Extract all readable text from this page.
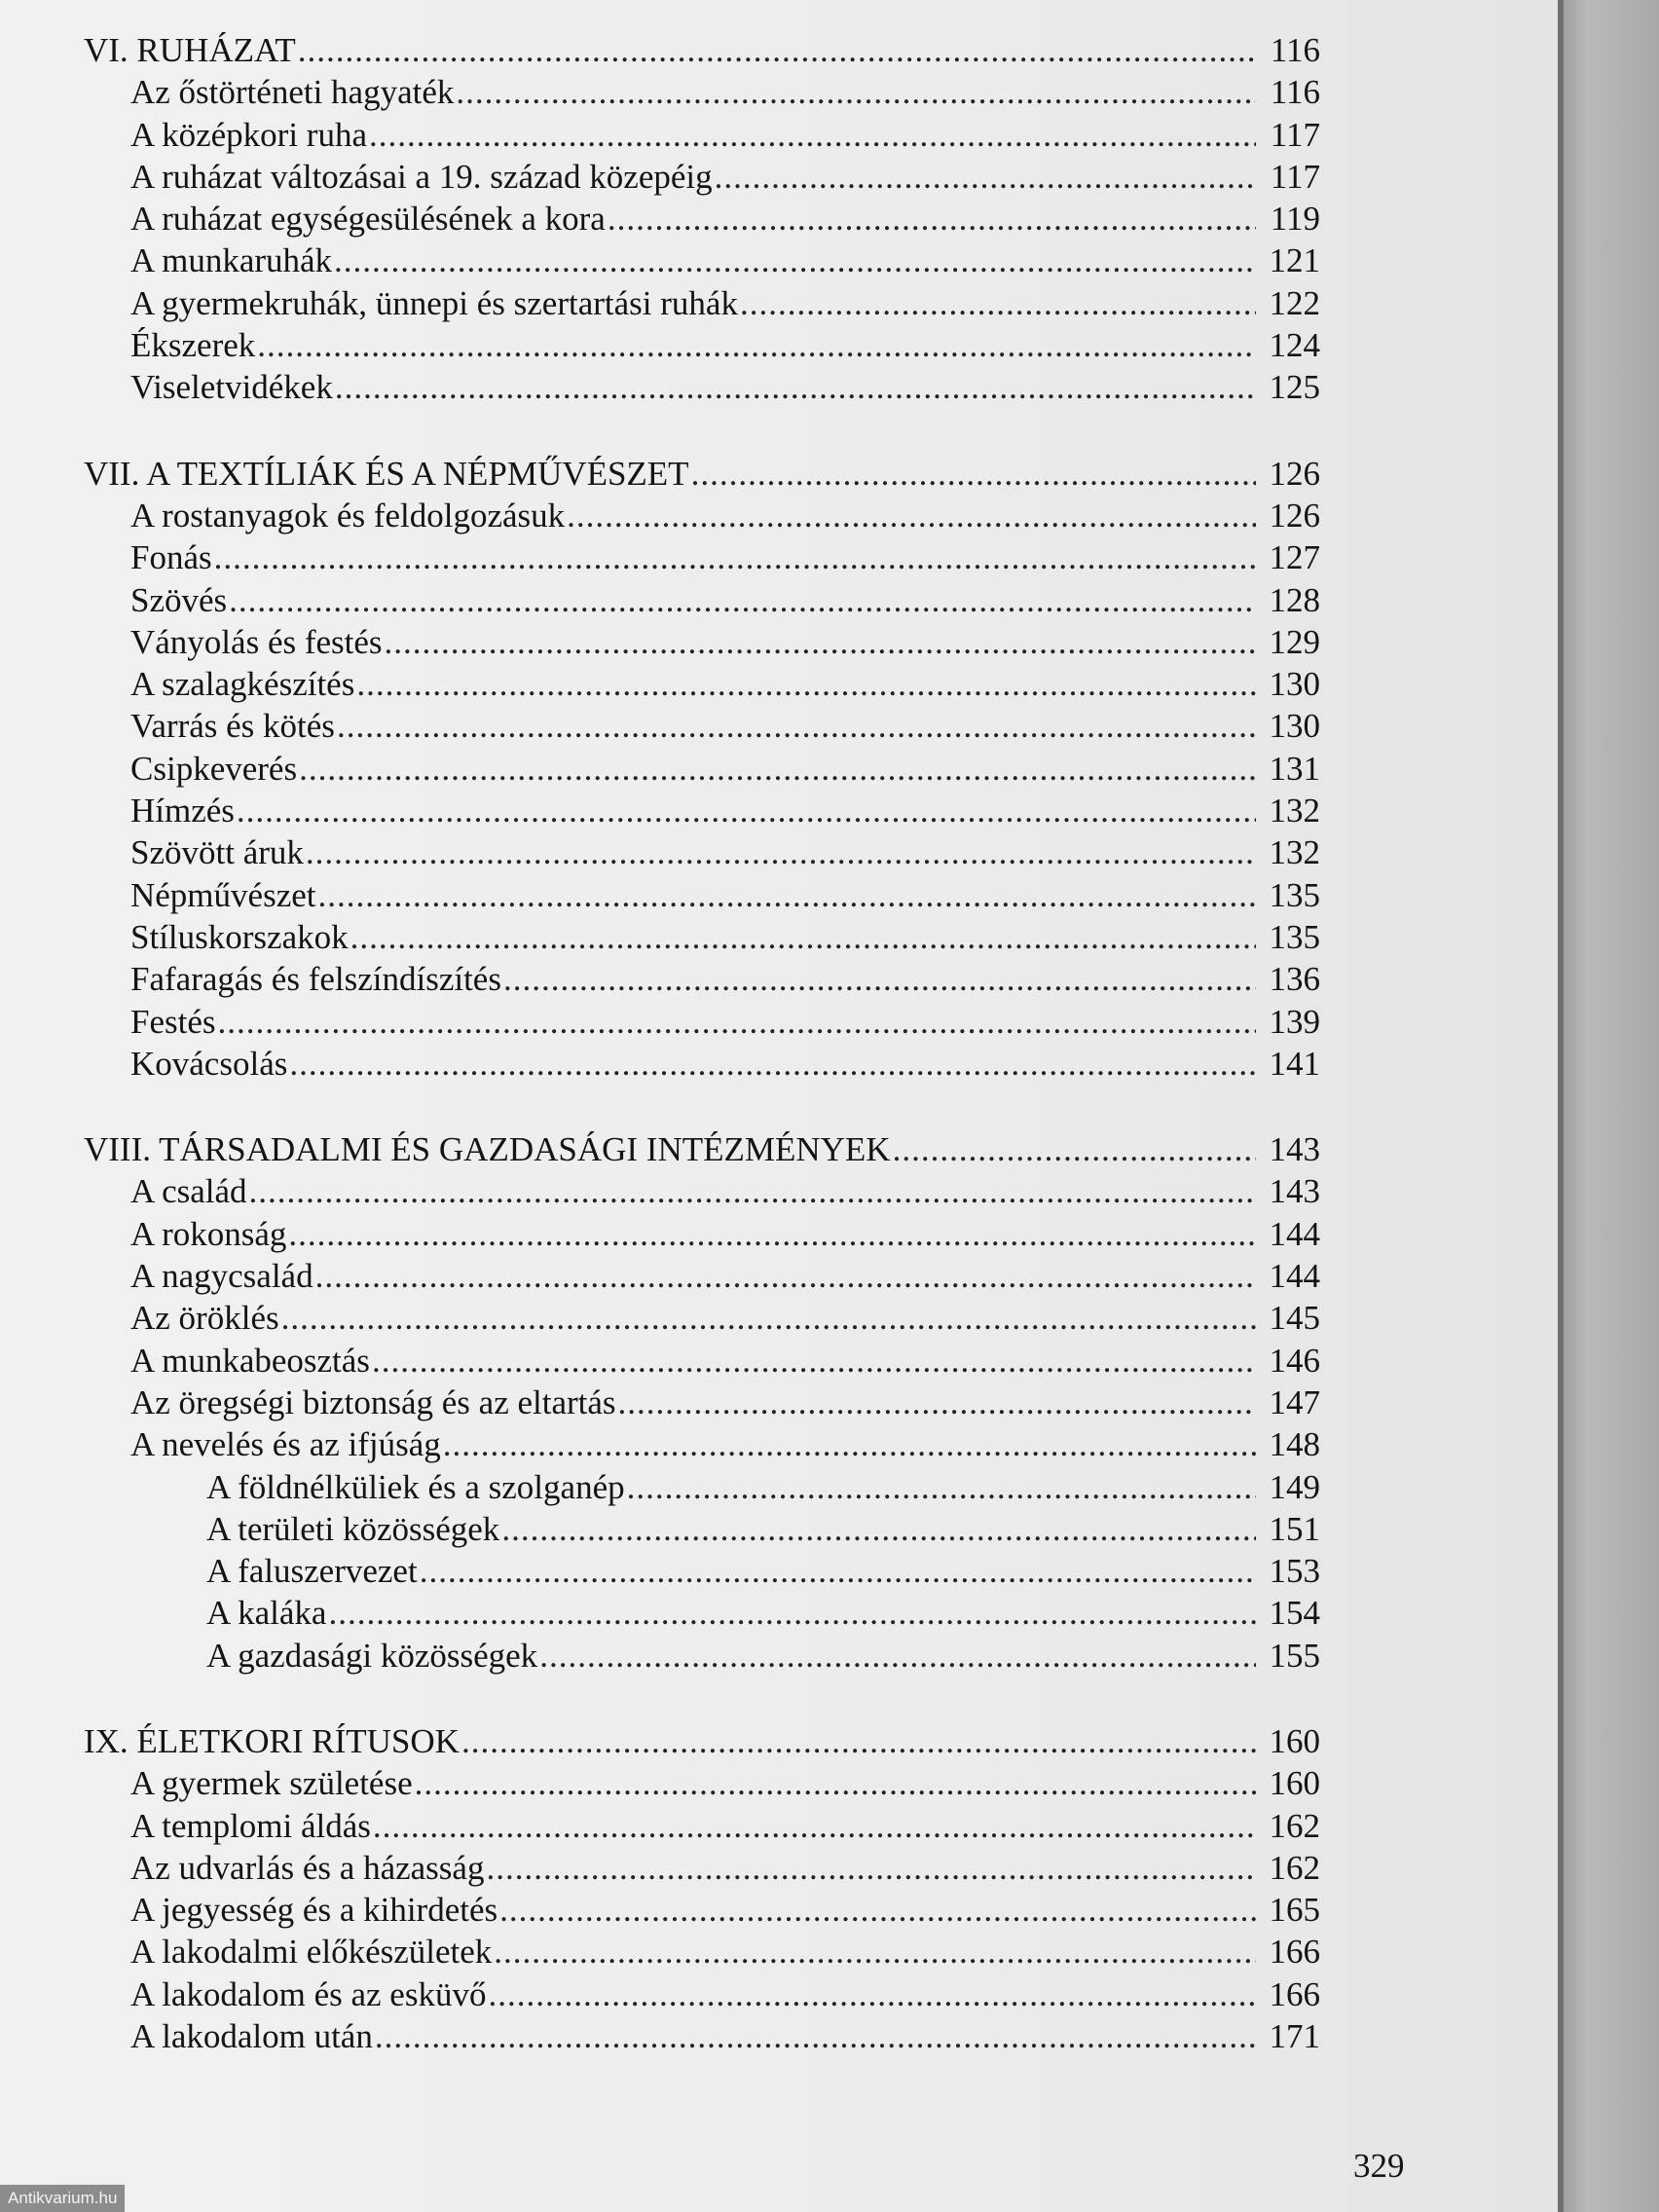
VI. RUHÁZAT .....	116
Az őstörténeti hagyaték .....	116
A középkori ruha .....	117
A ruházat változásai a 19. század közepéig .....	117
A ruházat egységesülésének a kora .....	119
A munkaruhák .....	121
A gyermekruhák, ünnepi és szertartási ruhák .....	122
Ékszerek .....	124
Viseletvidékek .....	125
VII. A TEXTÍLIÁK ÉS A NÉPMŰVÉSZET .....	126
A rostanyagok és feldolgozásuk .....	126
Fonás .....	127
Szövés .....	128
Ványolás és festés .....	129
A szalagkészítés .....	130
Varrás és kötés .....	130
Csipkeverés .....	131
Hímzés .....	132
Szövött áruk .....	132
Népművészet .....	135
Stíluskorszakok .....	135
Fafaragás és felszíndíszítés .....	136
Festés .....	139
Kovácsolás .....	141
VIII. TÁRSADALMI ÉS GAZDASÁGI INTÉZMÉNYEK .....	143
A család .....	143
A rokonság .....	144
A nagycsalád .....	144
Az öröklés .....	145
A munkabeosztás .....	146
Az öregségi biztonság és az eltartás .....	147
A nevelés és az ifjúság .....	148
A földnélküliek és a szolganép .....	149
A területi közösségek .....	151
A faluszervezet .....	153
A kaláka .....	154
A gazdasági közösségek .....	155
IX. ÉLETKORI RÍTUSOK .....	160
A gyermek születése .....	160
A templomi áldás .....	162
Az udvarlás és a házasság .....	162
A jegyesség és a kihirdetés .....	165
A lakodalmi előkészületek .....	166
A lakodalom és az esküvő .....	166
A lakodalom után .....	171
329
Antikvarium.hu
